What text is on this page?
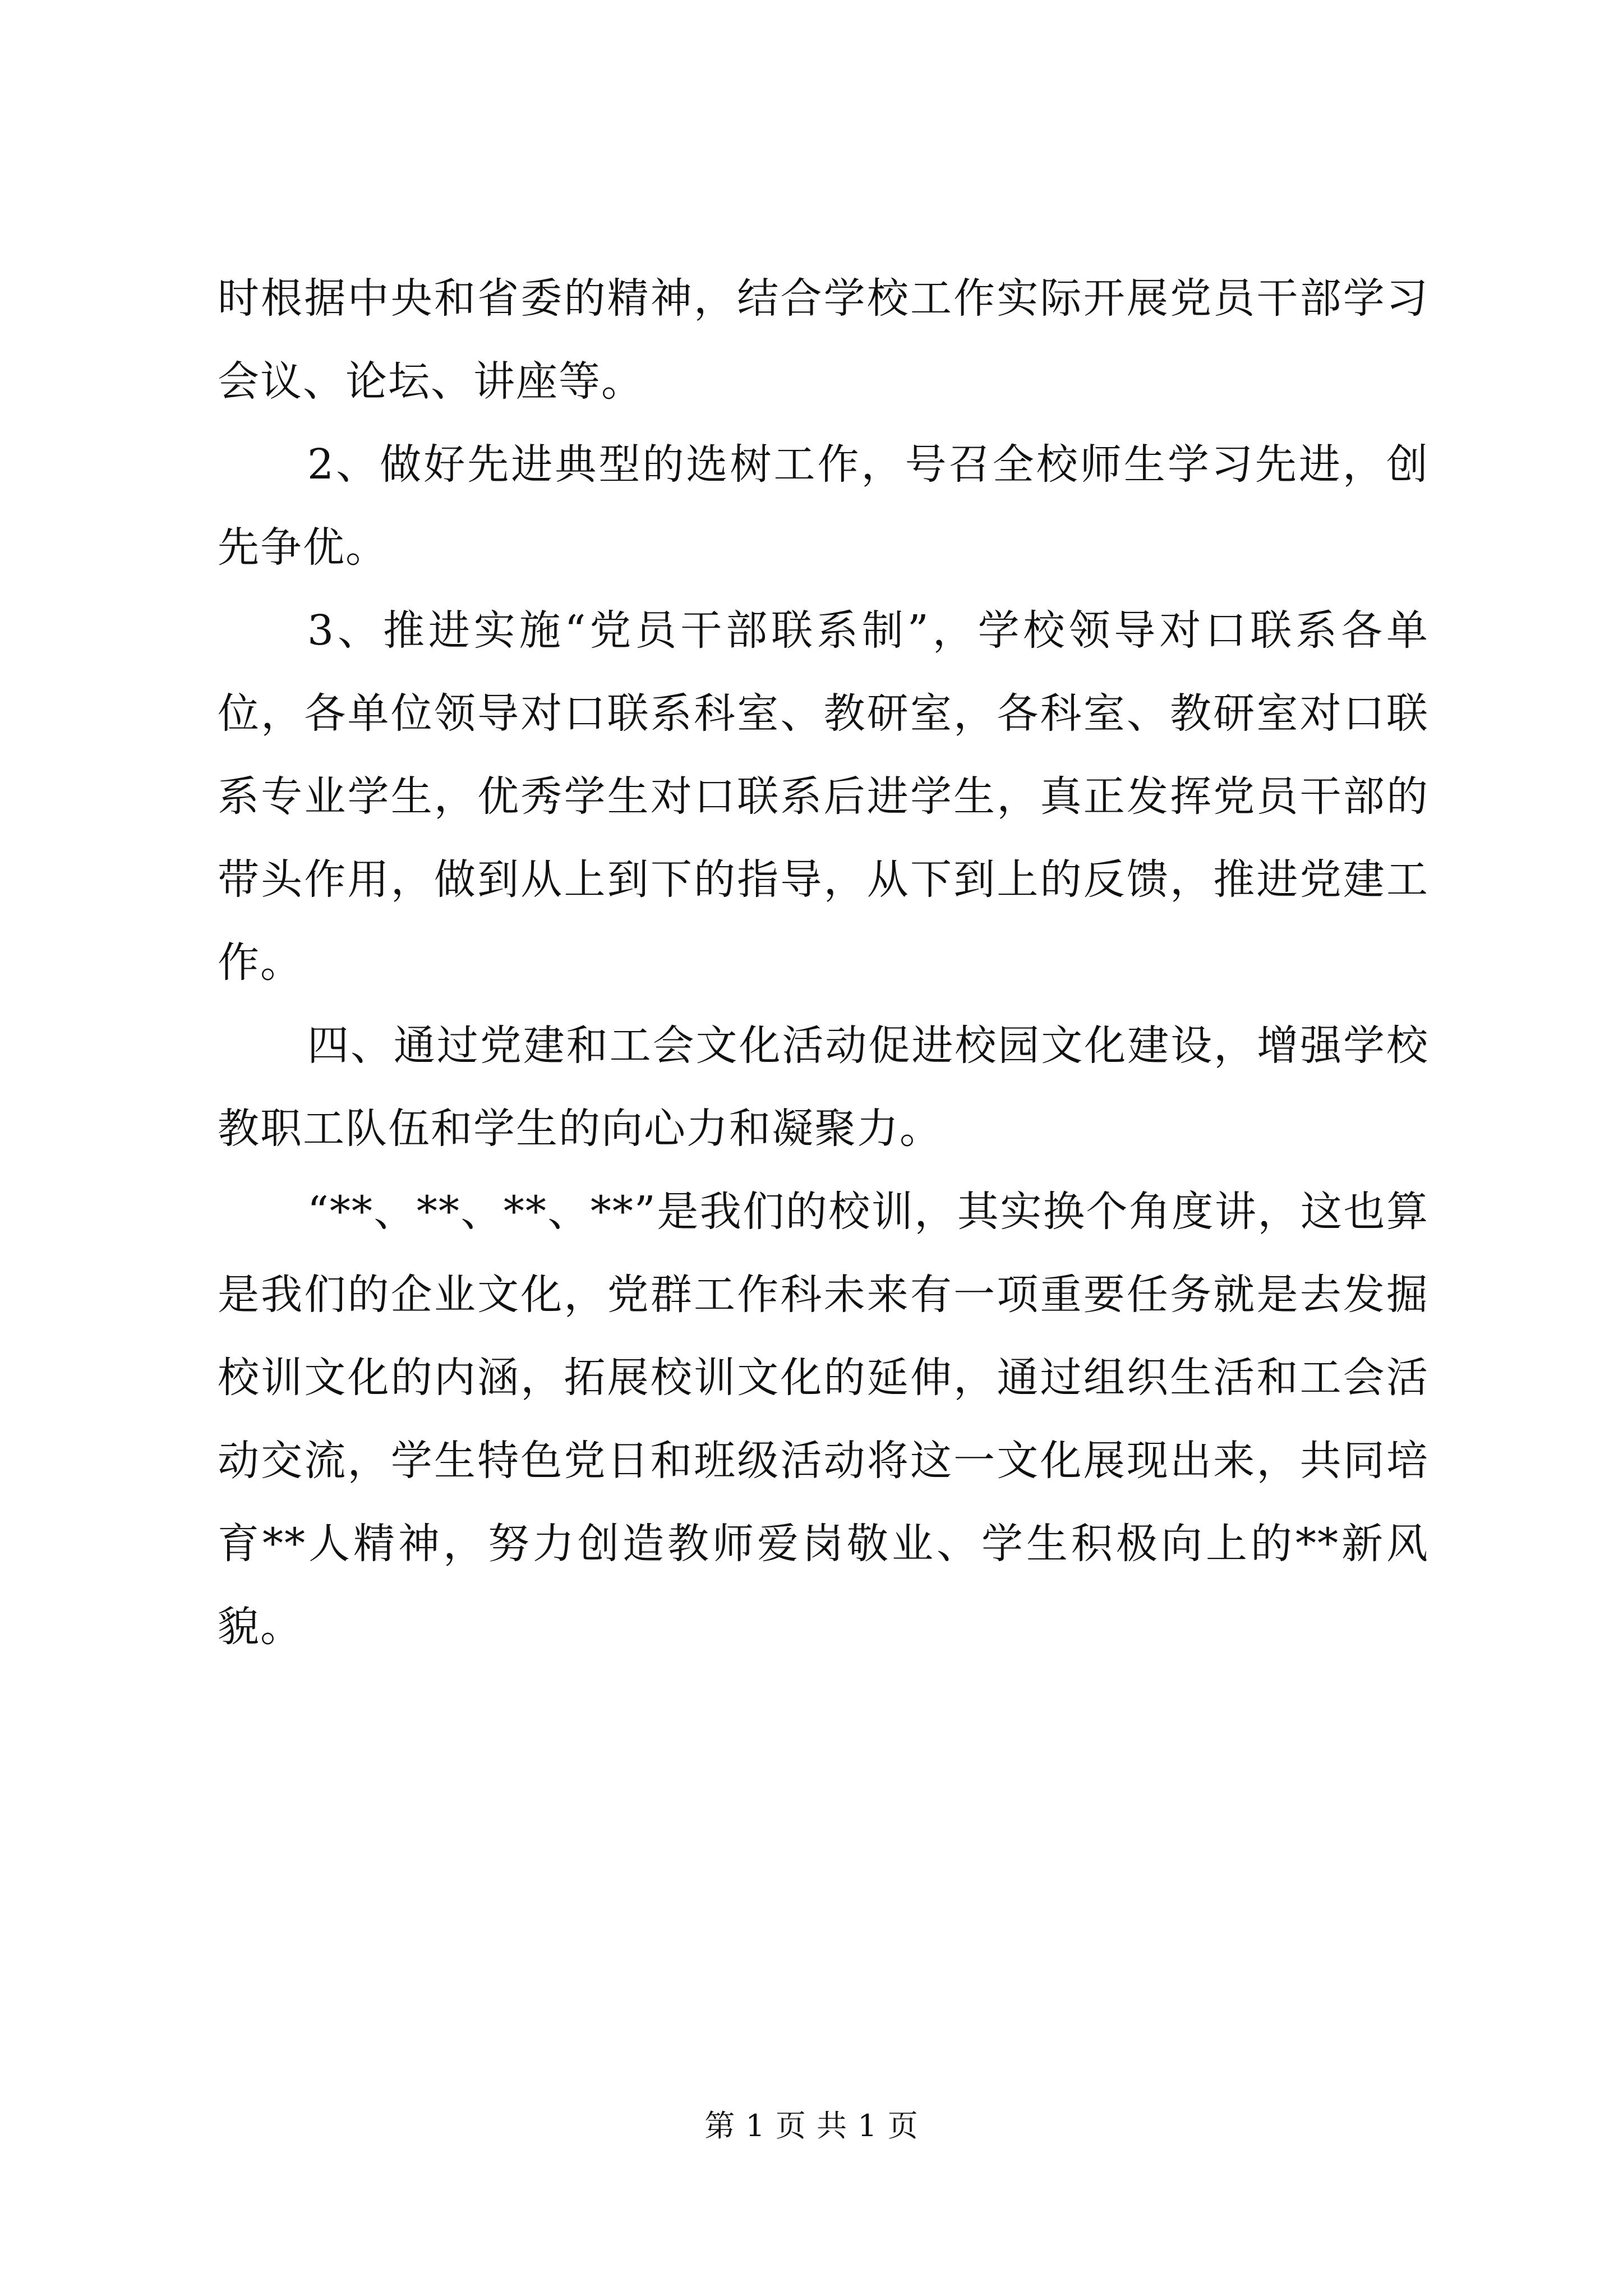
时根据中央和省委的精神，结合学校工作实际开展党员干部学习会议、论坛、讲座等。

2、做好先进典型的选树工作，号召全校师生学习先进，创先争优。

3、推进实施“党员干部联系制”，学校领导对口联系各单位，各单位领导对口联系科室、教研室，各科室、教研室对口联系专业学生，优秀学生对口联系后进学生，真正发挥党员干部的带头作用，做到从上到下的指导，从下到上的反馈，推进党建工作。

四、通过党建和工会文化活动促进校园文化建设，增强学校教职工队伍和学生的向心力和凝聚力。

“**、**、**、**”是我们的校训，其实换个角度讲，这也算是我们的企业文化，党群工作科未来有一项重要任务就是去发掘校训文化的内涵，拓展校训文化的延伸，通过组织生活和工会活动交流，学生特色党日和班级活动将这一文化展现出来，共同培育**人精神，努力创造教师爱岗敬业、学生积极向上的**新风貌。

第 1 页 共 1 页
